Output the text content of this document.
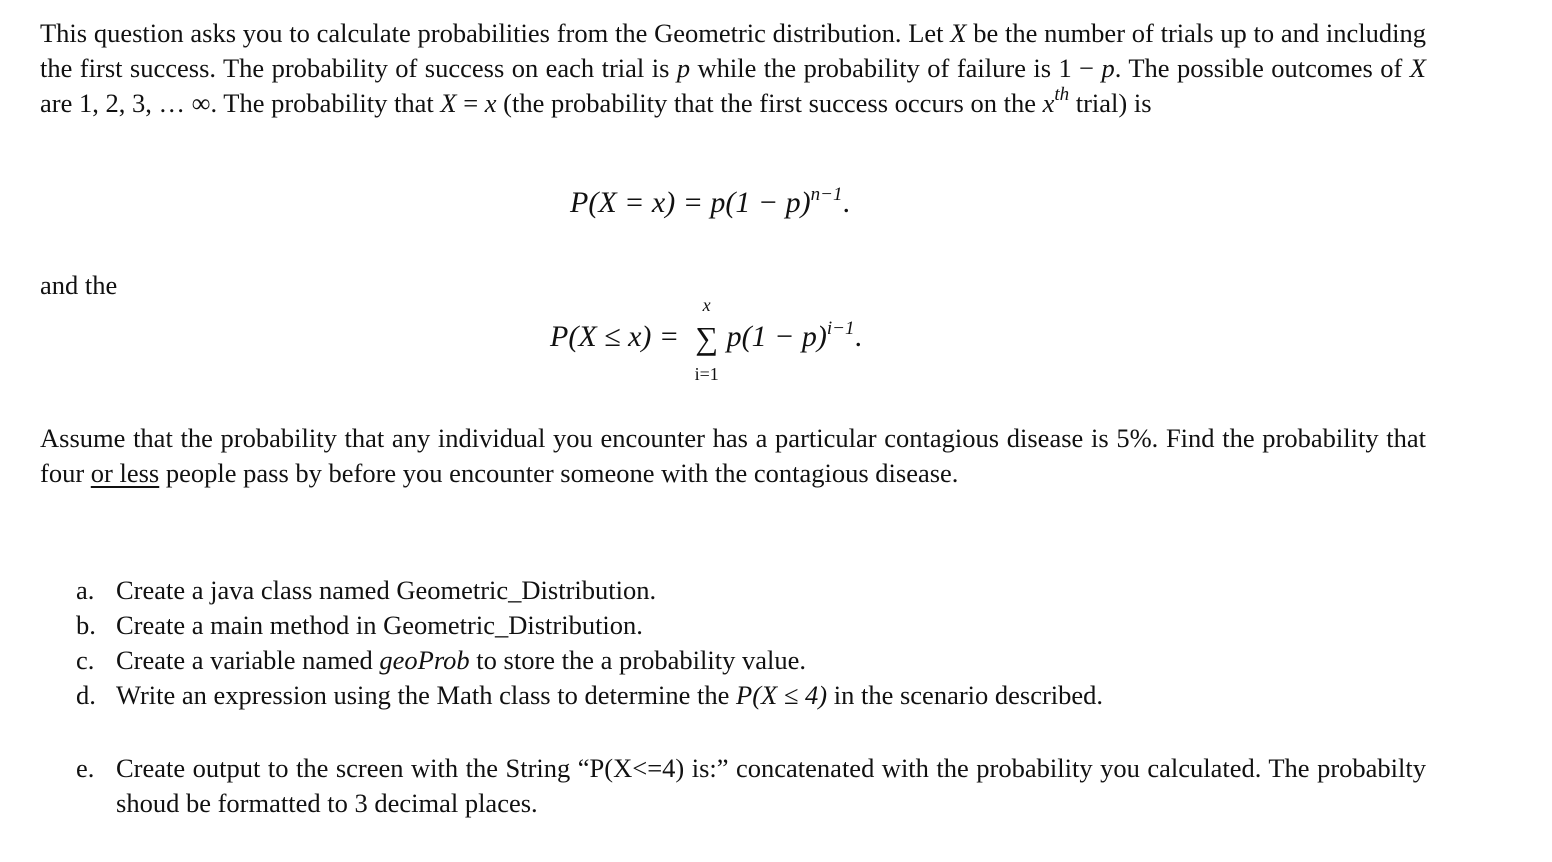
This question asks you to calculate probabilities from the Geometric distribution. Let X be the number of trials up to and including the first success. The probability of success on each trial is p while the probability of failure is 1 − p. The possible outcomes of X are 1, 2, 3, … ∞. The probability that X = x (the probability that the first success occurs on the $x^{th}$ trial) is

$P(X = x) = p(1 - p)^{n-1}$.
and the
P(X ≤ x) =
x
∑
i=1
$p(1 - p)^{i-1}$.

Assume that the probability that any individual you encounter has a particular contagious disease is 5%. Find the probability that four or less people pass by before you encounter someone with the contagious disease.

a. Create a java class named Geometric_Distribution.
b. Create a main method in Geometric_Distribution.
c. Create a variable named geoProb to store the a probability value.
d. Write an expression using the Math class to determine the P(X ≤ 4) in the scenario described.
e. Create output to the screen with the String “P(X<=4) is:” concatenated with the probability you calculated. The probabilty shoud be formatted to 3 decimal places.
